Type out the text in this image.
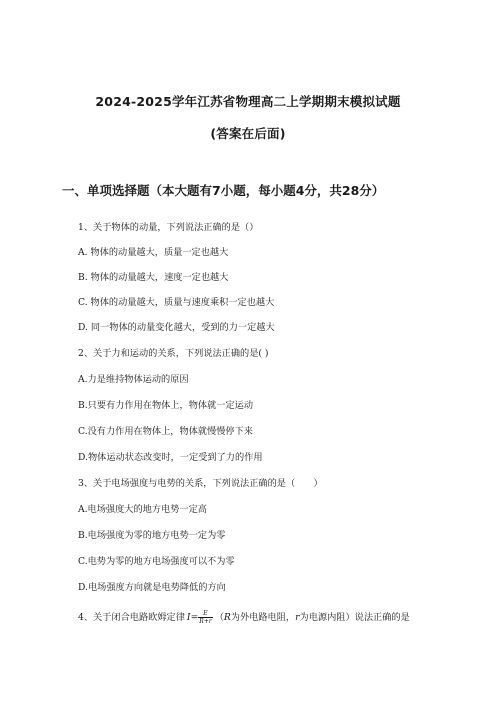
2024-2025学年江苏省物理高二上学期期末模拟试题
(答案在后面)
一、单项选择题（本大题有7小题，每小题4分，共28分）
1、关于物体的动量，下列说法正确的是（）
A. 物体的动量越大，质量一定也越大
B. 物体的动量越大，速度一定也越大
C. 物体的动量越大，质量与速度乘积一定也越大
D. 同一物体的动量变化越大，受到的力一定越大
2、关于力和运动的关系，下列说法正确的是( )
A.力是维持物体运动的原因
B.只要有力作用在物体上，物体就一定运动
C.没有力作用在物体上，物体就慢慢停下来
D.物体运动状态改变时，一定受到了力的作用
3、关于电场强度与电势的关系，下列说法正确的是（　　）
A.电场强度大的地方电势一定高
B.电场强度为零的地方电势一定为零
C.电势为零的地方电场强度可以不为零
D.电场强度方向就是电势降低的方向
4、关于闭合电路欧姆定律 $I= \frac{E}{R+r} (R$为外电路电阻，r为电源内阻）说法正确的是
